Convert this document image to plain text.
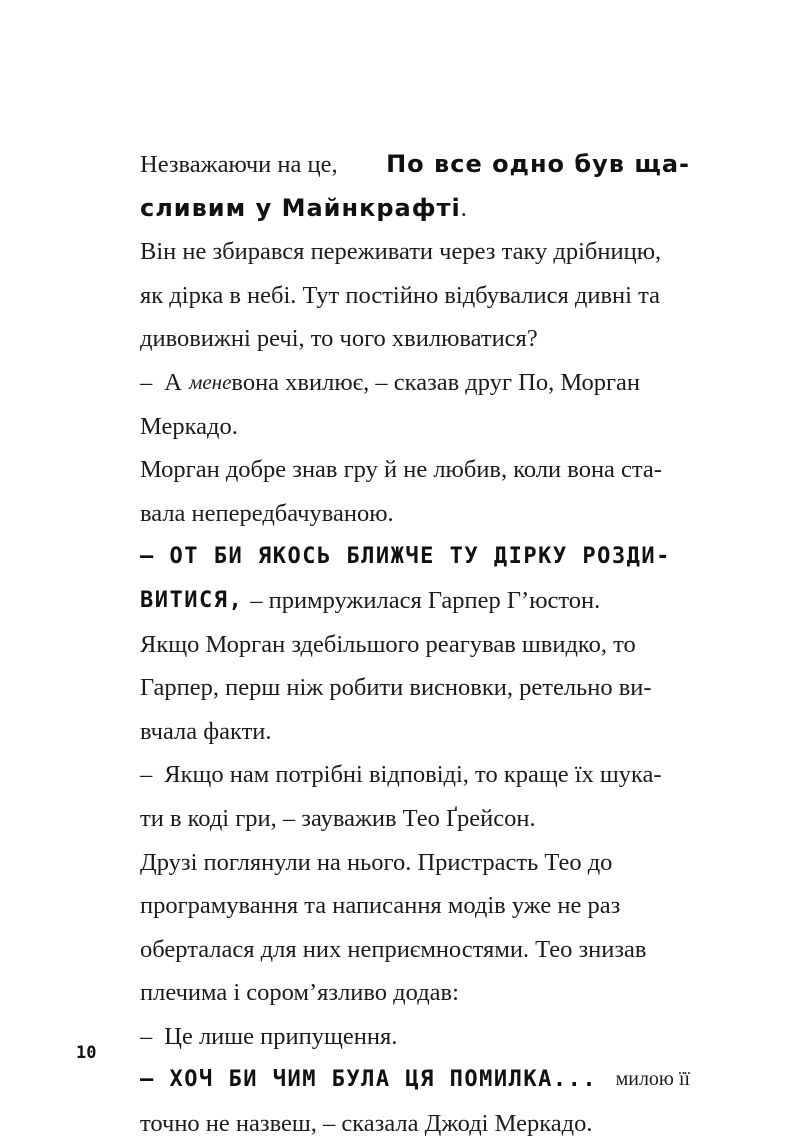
Незважаючи на це, По все одно був ща-
сливим у Майнкрафті .
Він не збирався переживати через таку дрібницю,
як дірка в небі. Тут постійно відбувалися дивні та
дивовижні речі, то чого хвилюватися?
– А мене вона хвилює, – сказав друг По, Морган
Меркадо.
Морган добре знав гру й не любив, коли вона ста-
вала непередбачуваною.
– ОТ БИ ЯКОСЬ БЛИЖЧЕ ТУ ДІРКУ РОЗДИ-
ВИТИСЯ, – примружилася Гарпер Г’юстон.
Якщо Морган здебільшого реагував швидко, то
Гарпер, перш ніж робити висновки, ретельно ви-
вчала факти.
– Якщо нам потрібні відповіді, то краще їх шука-
ти в коді гри, – зауважив Тео Ґрейсон.
Друзі поглянули на нього. Пристрасть Тео до
програмування та написання модів уже не раз
оберталася для них неприємностями. Тео знизав
плечима і сором’язливо додав:
– Це лише припущення.
– ХОЧ БИ ЧИМ БУЛА ЦЯ ПОМИЛКА... милою її
точно не назвеш, – сказала Джоді Меркадо.
10
